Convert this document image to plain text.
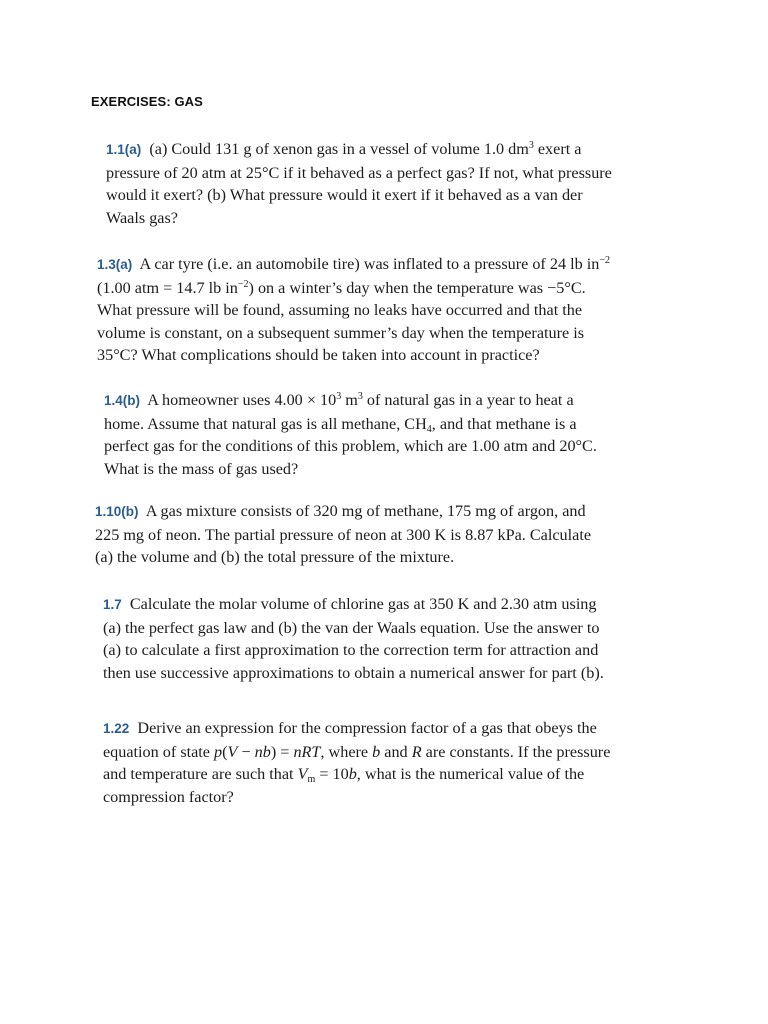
EXERCISES: GAS
1.1(a) (a) Could 131 g of xenon gas in a vessel of volume 1.0 $dm^3$ exert a
pressure of 20 atm at 25°C if it behaved as a perfect gas? If not, what pressure
would it exert? (b) What pressure would it exert if it behaved as a van der
Waals gas?
1.3(a) A car tyre (i.e. an automobile tire) was inflated to a pressure of 24 lb $in^{-2}$
(1.00 atm = 14.7 lb $in^{-2}$) on a winter’s day when the temperature was −5°C.
What pressure will be found, assuming no leaks have occurred and that the
volume is constant, on a subsequent summer’s day when the temperature is
35°C? What complications should be taken into account in practice?
1.4(b) A homeowner uses $4.00 \times 10^3$ $m^3$ of natural gas in a year to heat a
home. Assume that natural gas is all methane, $CH_4$, and that methane is a
perfect gas for the conditions of this problem, which are 1.00 atm and 20°C.
What is the mass of gas used?
1.10(b) A gas mixture consists of 320 mg of methane, 175 mg of argon, and
225 mg of neon. The partial pressure of neon at 300 K is 8.87 kPa. Calculate
(a) the volume and (b) the total pressure of the mixture.
1.7 Calculate the molar volume of chlorine gas at 350 K and 2.30 atm using
(a) the perfect gas law and (b) the van der Waals equation. Use the answer to
(a) to calculate a first approximation to the correction term for attraction and
then use successive approximations to obtain a numerical answer for part (b).
1.22 Derive an expression for the compression factor of a gas that obeys the
equation of state p(V − nb) = nRT, where b and R are constants. If the pressure
and temperature are such that $V_m = 10b$, what is the numerical value of the
compression factor?
